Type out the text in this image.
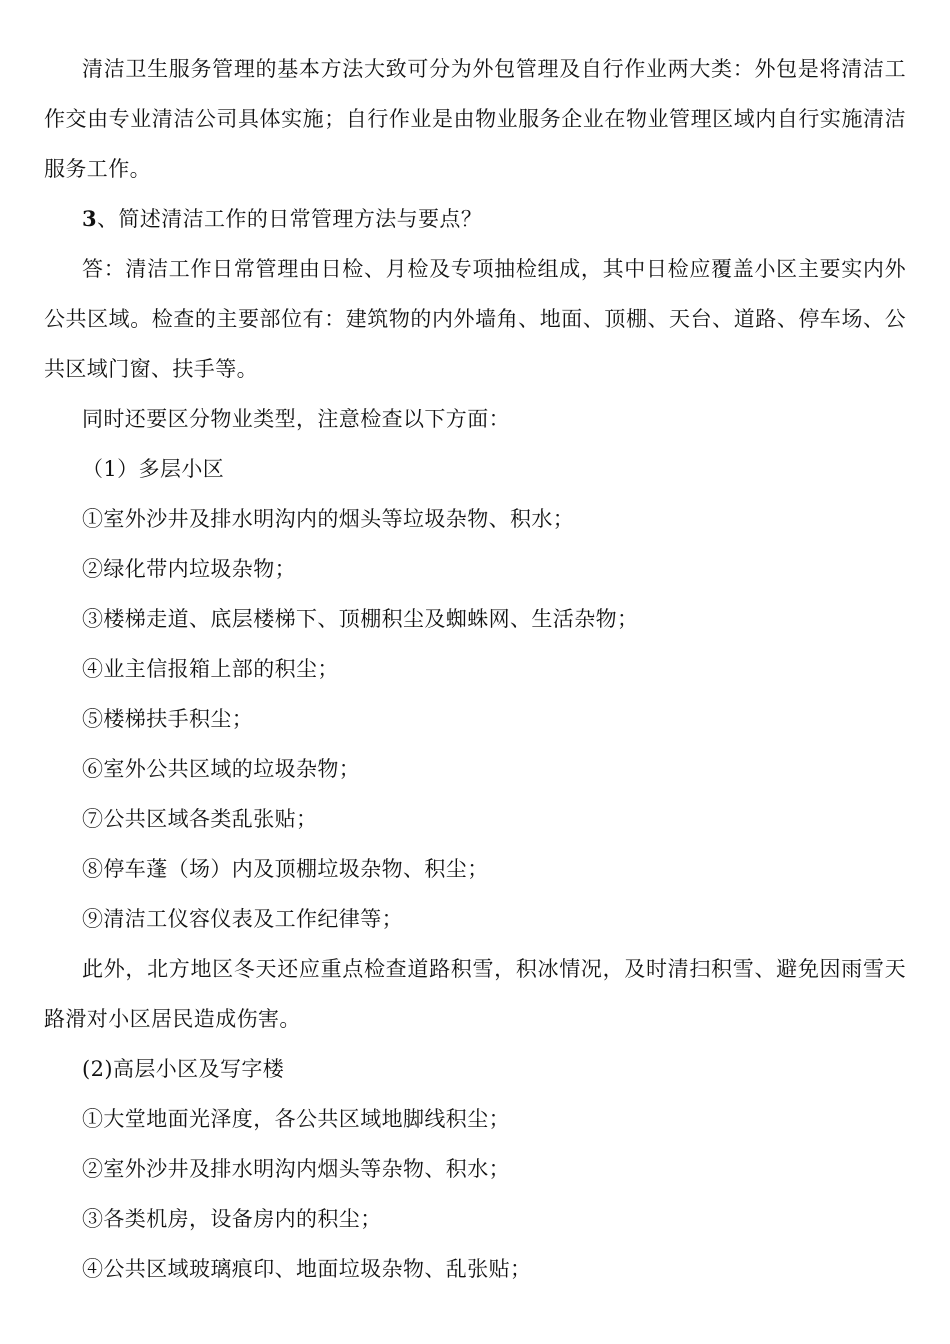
清洁卫生服务管理的基本方法大致可分为外包管理及自行作业两大类：外包是将清洁工作交由专业清洁公司具体实施；自行作业是由物业服务企业在物业管理区域内自行实施清洁服务工作。

3、简述清洁工作的日常管理方法与要点？

答：清洁工作日常管理由日检、月检及专项抽检组成，其中日检应覆盖小区主要实内外公共区域。检查的主要部位有：建筑物的内外墙角、地面、顶棚、天台、道路、停车场、公共区域门窗、扶手等。

同时还要区分物业类型，注意检查以下方面：

（1）多层小区

①室外沙井及排水明沟内的烟头等垃圾杂物、积水；

②绿化带内垃圾杂物；

③楼梯走道、底层楼梯下、顶棚积尘及蜘蛛网、生活杂物；

④业主信报箱上部的积尘；

⑤楼梯扶手积尘；

⑥室外公共区域的垃圾杂物；

⑦公共区域各类乱张贴；

⑧停车蓬（场）内及顶棚垃圾杂物、积尘；

⑨清洁工仪容仪表及工作纪律等；

此外，北方地区冬天还应重点检查道路积雪，积冰情况，及时清扫积雪、避免因雨雪天路滑对小区居民造成伤害。

(2)高层小区及写字楼

①大堂地面光泽度，各公共区域地脚线积尘；

②室外沙井及排水明沟内烟头等杂物、积水；

③各类机房，设备房内的积尘；

④公共区域玻璃痕印、地面垃圾杂物、乱张贴；
